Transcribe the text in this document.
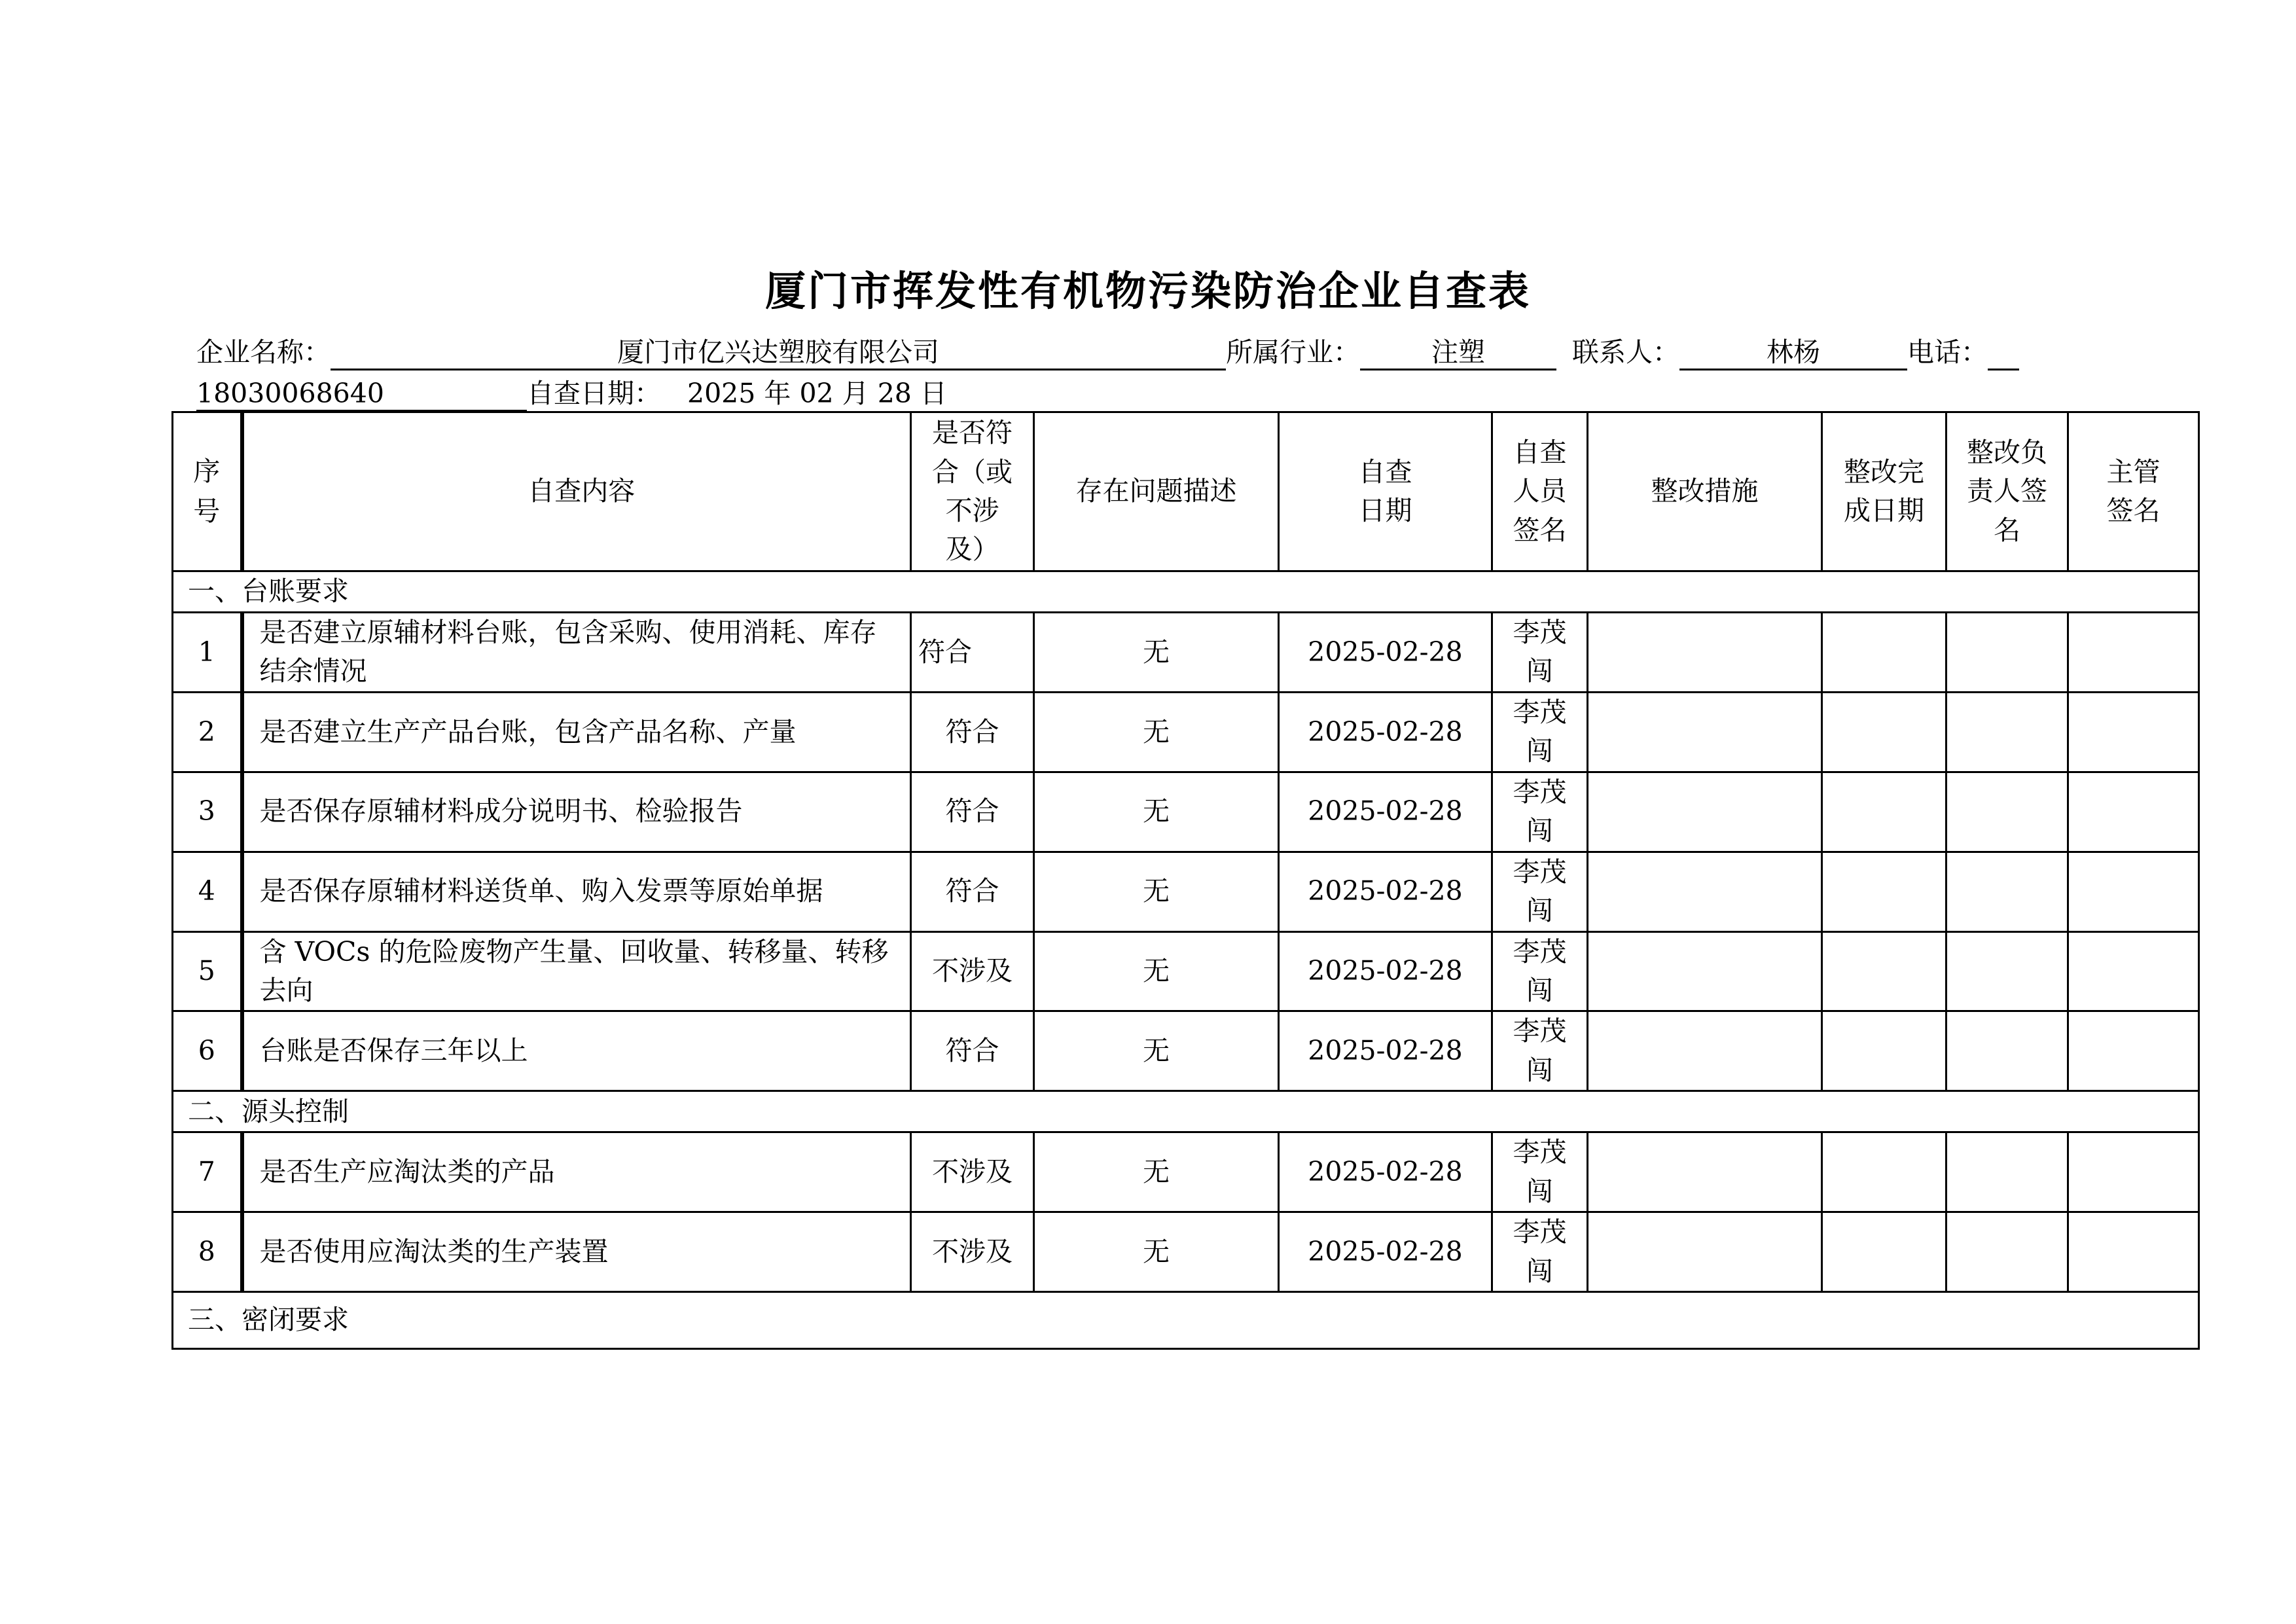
厦门市挥发性有机物污染防治企业自查表
企业名称：	厦门市亿兴达塑胶有限公司	所属行业：	注塑	联系人：	林杨	电话：
18030068640	自查日期： 2025 年 02 月 28 日
序号	自查内容	是否符合（或不涉及）	存在问题描述	自查日期	自查人员签名	整改措施	整改完成日期	整改负责人签名	主管签名
一、台账要求									
1	是否建立原辅材料台账，包含采购、使用消耗、库存结余情况	符合	无	2025-02-28	李茂闯				
2	是否建立生产产品台账，包含产品名称、产量	符合	无	2025-02-28	李茂闯				
3	是否保存原辅材料成分说明书、检验报告	符合	无	2025-02-28	李茂闯				
4	是否保存原辅材料送货单、购入发票等原始单据	符合	无	2025-02-28	李茂闯				
5	含 VOCs 的危险废物产生量、回收量、转移量、转移去向	不涉及	无	2025-02-28	李茂闯				
6	台账是否保存三年以上	符合	无	2025-02-28	李茂闯				
二、源头控制									
7	是否生产应淘汰类的产品	不涉及	无	2025-02-28	李茂闯				
8	是否使用应淘汰类的生产装置	不涉及	无	2025-02-28	李茂闯				
三、密闭要求									
